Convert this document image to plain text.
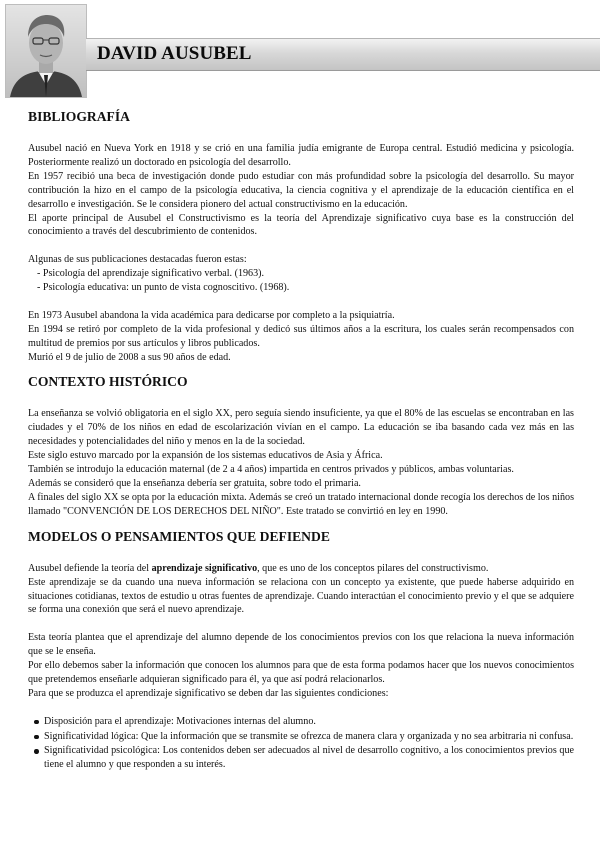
DAVID AUSUBEL
BIBLIOGRAFÍA

Ausubel nació en Nueva York en 1918 y se crió en una familia judía emigrante de Europa central. Estudió medicina y psicología. Posteriormente realizó un doctorado en psicología del desarrollo.

En 1957 recibió una beca de investigación donde pudo estudiar con más profundidad sobre la psicología del desarrollo. Su mayor contribución la hizo en el campo de la psicología educativa, la ciencia cognitiva y el aprendizaje de la educación científica en el desarrollo e investigación. Se le considera pionero del actual constructivismo en la educación.

El aporte principal de Ausubel el Constructivismo es la teoría del Aprendizaje significativo cuya base es la construcción del conocimiento a través del descubrimiento de contenidos.

Algunas de sus publicaciones destacadas fueron estas:

- Psicología del aprendizaje significativo verbal. (1963).

- Psicología educativa: un punto de vista cognoscitivo. (1968).

En 1973 Ausubel abandona la vida académica para dedicarse por completo a la psiquiatría.

En 1994 se retiró por completo de la vida profesional y dedicó sus últimos años a la escritura, los cuales serán recompensados con multitud de premios por sus artículos y libros publicados.

Murió el 9 de julio de 2008 a sus 90 años de edad.

CONTEXTO HISTÓRICO

La enseñanza se volvió obligatoria en el siglo XX, pero seguía siendo insuficiente, ya que el 80% de las escuelas se encontraban en las ciudades y el 70% de los niños en edad de escolarización vivían en el campo. La educación se iba basando cada vez más en las necesidades y potencialidades del niño y menos en la de la sociedad.

Este siglo estuvo marcado por la expansión de los sistemas educativos de Asia y África.

También se introdujo la educación maternal (de 2 a 4 años) impartida en centros privados y públicos, ambas voluntarias.

Además se consideró que la enseñanza debería ser gratuita, sobre todo el primaria.

A finales del siglo XX se opta por la educación mixta. Además se creó un tratado internacional donde recogía los derechos de los niños llamado "CONVENCIÓN DE LOS DERECHOS DEL NIÑO". Este tratado se convirtió en ley en 1990.

MODELOS O PENSAMIENTOS QUE DEFIENDE

Ausubel defiende la teoría del aprendizaje significativo, que es uno de los conceptos pilares del constructivismo.

Este aprendizaje se da cuando una nueva información se relaciona con un concepto ya existente, que puede haberse adquirido en situaciones cotidianas, textos de estudio u otras fuentes de aprendizaje. Cuando interactúan el conocimiento previo y el que se adquiere se forma una conexión que será el nuevo aprendizaje.

Esta teoría plantea que el aprendizaje del alumno depende de los conocimientos previos con los que relaciona la nueva información que se le enseña.

Por ello debemos saber la información que conocen los alumnos para que de esta forma podamos hacer que los nuevos conocimientos que pretendemos enseñarle adquieran significado para él, ya que así podrá relacionarlos.

Para que se produzca el aprendizaje significativo se deben dar las siguientes condiciones:

Disposición para el aprendizaje: Motivaciones internas del alumno.
Significatividad lógica: Que la información que se transmite se ofrezca de manera clara y organizada y no sea arbitraria ni confusa.
Significatividad psicológica: Los contenidos deben ser adecuados al nivel de desarrollo cognitivo, a los conocimientos previos que tiene el alumno y que responden a su interés.
